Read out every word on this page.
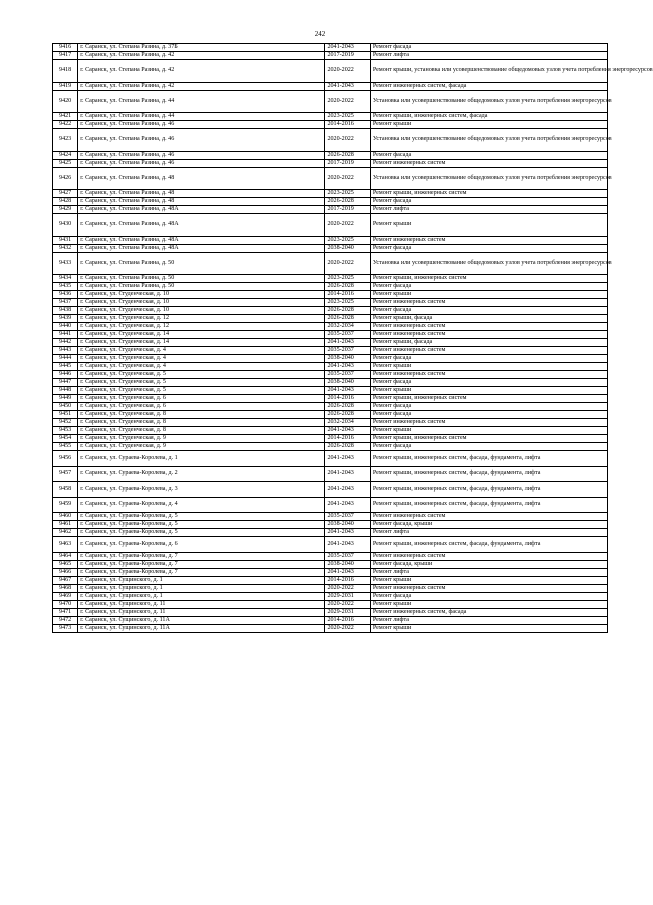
242
9416	г. Саранск, ул. Степана Разина, д. 37Б	2041-2043	Ремонт фасада
9417	г. Саранск, ул. Степана Разина, д. 42	2017-2019	Ремонт лифта
9418	г. Саранск, ул. Степана Разина, д. 42	2020-2022	Ремонт крыши, установка или усовершенствование общедомовых узлов учета потребления энергоресурсов
9419	г. Саранск, ул. Степана Разина, д. 42	2041-2043	Ремонт инженерных систем, фасада
9420	г. Саранск, ул. Степана Разина, д. 44	2020-2022	Установка или усовершенствование общедомовых узлов учета потребления энергоресурсов
9421	г. Саранск, ул. Степана Разина, д. 44	2023-2025	Ремонт крыши, инженерных систем, фасада
9422	г. Саранск, ул. Степана Разина, д. 46	2014-2016	Ремонт крыши
9423	г. Саранск, ул. Степана Разина, д. 46	2020-2022	Установка или усовершенствование общедомовых узлов учета потребления энергоресурсов
9424	г. Саранск, ул. Степана Разина, д. 46	2026-2028	Ремонт фасада
9425	г. Саранск, ул. Степана Разина, д. 46	2017-2019	Ремонт инженерных систем
9426	г. Саранск, ул. Степана Разина, д. 48	2020-2022	Установка или усовершенствование общедомовых узлов учета потребления энергоресурсов
9427	г. Саранск, ул. Степана Разина, д. 48	2023-2025	Ремонт крыши, инженерных систем
9428	г. Саранск, ул. Степана Разина, д. 48	2026-2028	Ремонт фасада
9429	г. Саранск, ул. Степана Разина, д. 48А	2017-2019	Ремонт лифта
9430	г. Саранск, ул. Степана Разина, д. 48А	2020-2022	Ремонт крыши
9431	г. Саранск, ул. Степана Разина, д. 48А	2023-2025	Ремонт инженерных систем
9432	г. Саранск, ул. Степана Разина, д. 48А	2038-2040	Ремонт фасада
9433	г. Саранск, ул. Степана Разина, д. 50	2020-2022	Установка или усовершенствование общедомовых узлов учета потребления энергоресурсов
9434	г. Саранск, ул. Степана Разина, д. 50	2023-2025	Ремонт крыши, инженерных систем
9435	г. Саранск, ул. Степана Разина, д. 50	2026-2028	Ремонт фасада
9436	г. Саранск, ул. Студенческая, д. 10	2014-2016	Ремонт крыши
9437	г. Саранск, ул. Студенческая, д. 10	2023-2025	Ремонт инженерных систем
9438	г. Саранск, ул. Студенческая, д. 10	2026-2028	Ремонт фасада
9439	г. Саранск, ул. Студенческая, д. 12	2026-2028	Ремонт крыши, фасада
9440	г. Саранск, ул. Студенческая, д. 12	2032-2034	Ремонт инженерных систем
9441	г. Саранск, ул. Студенческая, д. 14	2035-2037	Ремонт инженерных систем
9442	г. Саранск, ул. Студенческая, д. 14	2041-2043	Ремонт крыши, фасада
9443	г. Саранск, ул. Студенческая, д. 4	2035-2037	Ремонт инженерных систем
9444	г. Саранск, ул. Студенческая, д. 4	2038-2040	Ремонт фасада
9445	г. Саранск, ул. Студенческая, д. 4	2041-2043	Ремонт крыши
9446	г. Саранск, ул. Студенческая, д. 5	2035-2037	Ремонт инженерных систем
9447	г. Саранск, ул. Студенческая, д. 5	2038-2040	Ремонт фасада
9448	г. Саранск, ул. Студенческая, д. 5	2041-2043	Ремонт крыши
9449	г. Саранск, ул. Студенческая, д. 6	2014-2016	Ремонт крыши, инженерных систем
9450	г. Саранск, ул. Студенческая, д. 6	2026-2028	Ремонт фасада
9451	г. Саранск, ул. Студенческая, д. 8	2026-2028	Ремонт фасада
9452	г. Саранск, ул. Студенческая, д. 8	2032-2034	Ремонт инженерных систем
9453	г. Саранск, ул. Студенческая, д. 8	2041-2043	Ремонт крыши
9454	г. Саранск, ул. Студенческая, д. 9	2014-2016	Ремонт крыши, инженерных систем
9455	г. Саранск, ул. Студенческая, д. 9	2026-2028	Ремонт фасада
9456	г. Саранск, ул. Сураева-Королева, д. 1	2041-2043	Ремонт крыши, инженерных систем, фасада, фундамента, лифта
9457	г. Саранск, ул. Сураева-Королева, д. 2	2041-2043	Ремонт крыши, инженерных систем, фасада, фундамента, лифта
9458	г. Саранск, ул. Сураева-Королева, д. 3	2041-2043	Ремонт крыши, инженерных систем, фасада, фундамента, лифта
9459	г. Саранск, ул. Сураева-Королева, д. 4	2041-2043	Ремонт крыши, инженерных систем, фасада, фундамента, лифта
9460	г. Саранск, ул. Сураева-Королева, д. 5	2035-2037	Ремонт инженерных систем
9461	г. Саранск, ул. Сураева-Королева, д. 5	2038-2040	Ремонт фасада, крыши
9462	г. Саранск, ул. Сураева-Королева, д. 5	2041-2043	Ремонт лифта
9463	г. Саранск, ул. Сураева-Королева, д. 6	2041-2043	Ремонт крыши, инженерных систем, фасада, фундамента, лифта
9464	г. Саранск, ул. Сураева-Королева, д. 7	2035-2037	Ремонт инженерных систем
9465	г. Саранск, ул. Сураева-Королева, д. 7	2038-2040	Ремонт фасада, крыши
9466	г. Саранск, ул. Сураева-Королева, д. 7	2041-2043	Ремонт лифта
9467	г. Саранск, ул. Сущинского, д. 1	2014-2016	Ремонт крыши
9468	г. Саранск, ул. Сущинского, д. 1	2020-2022	Ремонт инженерных систем
9469	г. Саранск, ул. Сущинского, д. 1	2029-2031	Ремонт фасада
9470	г. Саранск, ул. Сущинского, д. 11	2020-2022	Ремонт крыши
9471	г. Саранск, ул. Сущинского, д. 11	2029-2031	Ремонт инженерных систем, фасада
9472	г. Саранск, ул. Сущинского, д. 11А	2014-2016	Ремонт лифта
9473	г. Саранск, ул. Сущинского, д. 11А	2020-2022	Ремонт крыши
